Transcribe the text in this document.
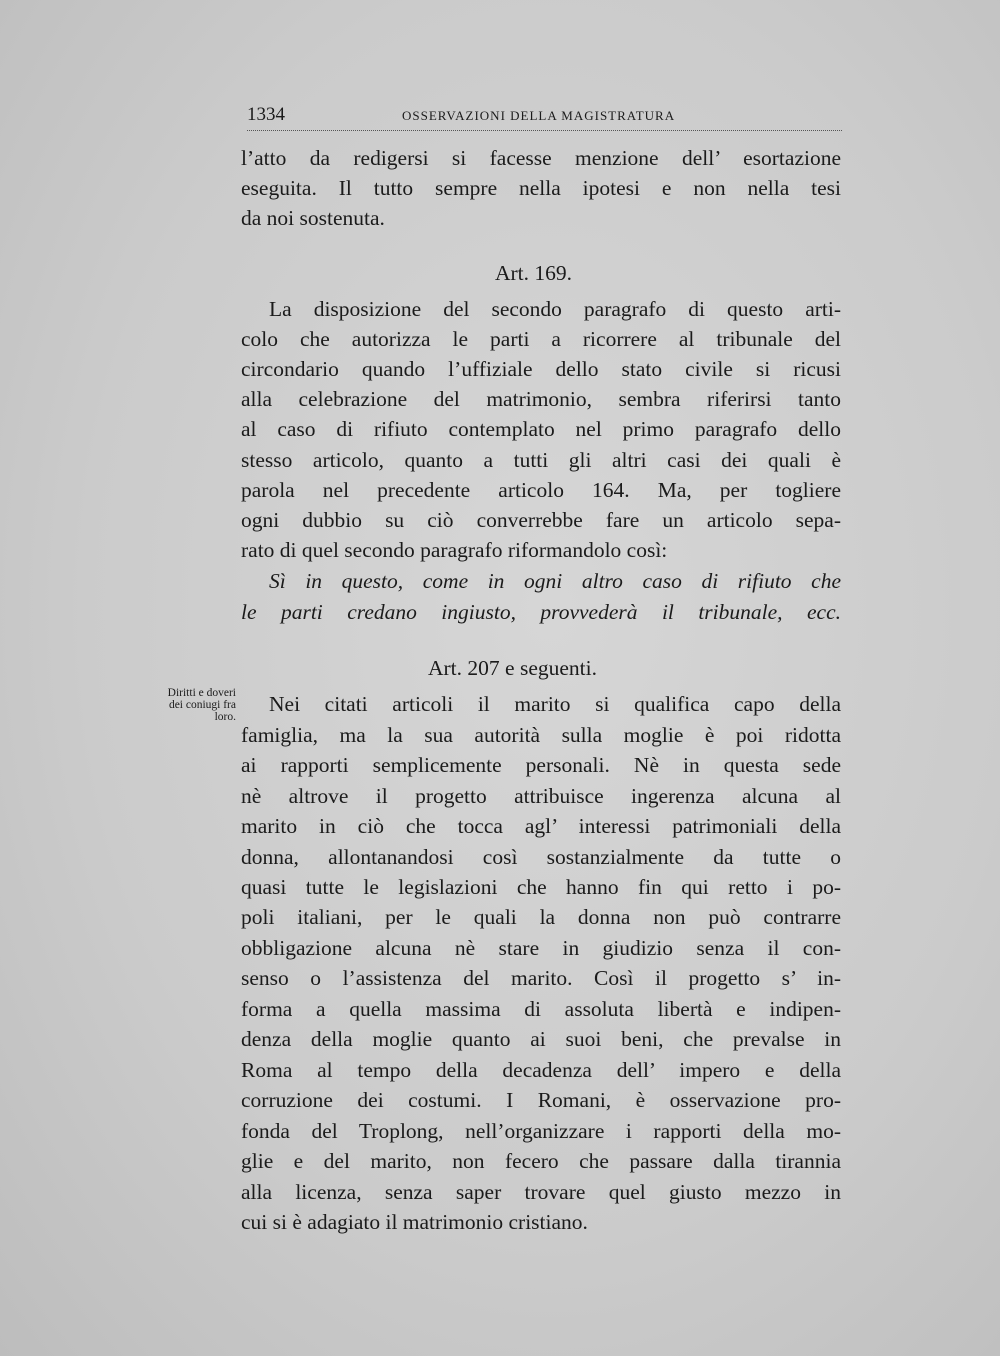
1334	OSSERVAZIONI DELLA MAGISTRATURA
l’atto da redigersi si facesse menzione dell’ esortazione
eseguita. Il tutto sempre nella ipotesi e non nella tesi
da noi sostenuta.
Art. 169.
La disposizione del secondo paragrafo di questo arti-
colo che autorizza le parti a ricorrere al tribunale del
circondario quando l’uffiziale dello stato civile si ricusi
alla celebrazione del matrimonio, sembra riferirsi tanto
al caso di rifiuto contemplato nel primo paragrafo dello
stesso articolo, quanto a tutti gli altri casi dei quali è
parola nel precedente articolo 164. Ma, per togliere
ogni dubbio su ciò converrebbe fare un articolo sepa-
rato di quel secondo paragrafo riformandolo così:
Sì in questo, come in ogni altro caso di rifiuto che
le parti credano ingiusto, provvederà il tribunale, ecc.
Art. 207 e seguenti.
Diritti e doveri
dei coniugi fra
loro.
Nei citati articoli il marito si qualifica capo della
famiglia, ma la sua autorità sulla moglie è poi ridotta
ai rapporti semplicemente personali. Nè in questa sede
nè altrove il progetto attribuisce ingerenza alcuna al
marito in ciò che tocca agl’ interessi patrimoniali della
donna, allontanandosi così sostanzialmente da tutte o
quasi tutte le legislazioni che hanno fin qui retto i po-
poli italiani, per le quali la donna non può contrarre
obbligazione alcuna nè stare in giudizio senza il con-
senso o l’assistenza del marito. Così il progetto s’ in-
forma a quella massima di assoluta libertà e indipen-
denza della moglie quanto ai suoi beni, che prevalse in
Roma al tempo della decadenza dell’ impero e della
corruzione dei costumi. I Romani, è osservazione pro-
fonda del Troplong, nell’organizzare i rapporti della mo-
glie e del marito, non fecero che passare dalla tirannia
alla licenza, senza saper trovare quel giusto mezzo in
cui si è adagiato il matrimonio cristiano.
